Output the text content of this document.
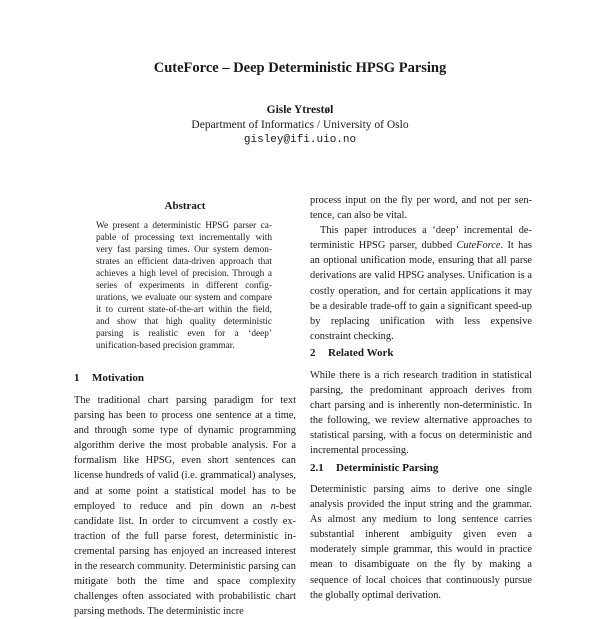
CuteForce – Deep Deterministic HPSG Parsing
Gisle Ytrestøl
Department of Informatics / University of Oslo
gisley@ifi.uio.no
Abstract
We present a deterministic HPSG parser capable of processing text incrementally with very fast parsing times. Our system demonstrates an efficient data-driven approach that achieves a high level of precision. Through a series of experiments in different configurations, we evaluate our system and compare it to current state-of-the-art within the field, and show that high quality deterministic parsing is realistic even for a ‘deep’ unification-based precision grammar.
1 Motivation

The traditional chart parsing paradigm for text parsing has been to process one sentence at a time, and through some type of dynamic programming algorithm derive the most probable analysis. For a formalism like HPSG, even short sentences can license hundreds of valid (i.e. grammatical) analyses, and at some point a statistical model has to be employed to reduce and pin down an n-best candidate list. In order to circumvent a costly extraction of the full parse forest, deterministic incremental parsing has enjoyed an increased interest in the research community. Deterministic parsing can mitigate both the time and space complexity challenges often associated with probabilistic chart parsing methods. The deterministic incre

process input on the fly per word, and not per sentence, can also be vital.

This paper introduces a ‘deep’ incremental deterministic HPSG parser, dubbed CuteForce. It has an optional unification mode, ensuring that all parse derivations are valid HPSG analyses. Unification is a costly operation, and for certain applications it may be a desirable trade-off to gain a significant speed-up by replacing unification with less expensive constraint checking.

2 Related Work

While there is a rich research tradition in statistical parsing, the predominant approach derives from chart parsing and is inherently non-deterministic. In the following, we review alternative approaches to statistical parsing, with a focus on deterministic and incremental processing.

2.1 Deterministic Parsing

Deterministic parsing aims to derive one single analysis provided the input string and the grammar. As almost any medium to long sentence carries substantial inherent ambiguity given even a moderately simple grammar, this would in practice mean to disambiguate on the fly by making a sequence of local choices that continuously pursue the globally optimal derivation.
